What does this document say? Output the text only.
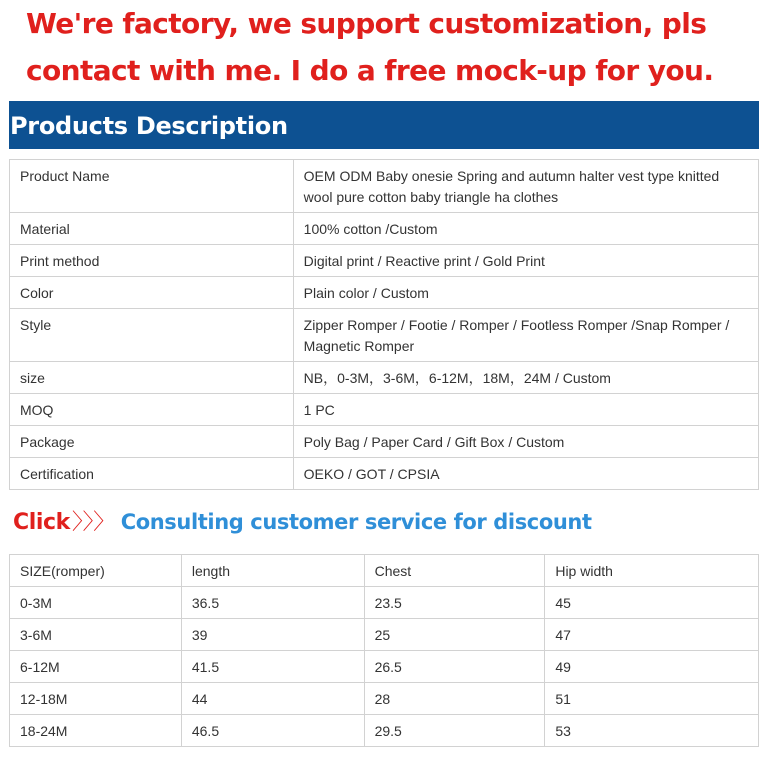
We're factory, we support customization, pls
contact with me. I do a free mock-up for you.
Products Description
Product Name	OEM ODM Baby onesie Spring and autumn halter vest type knitted wool pure cotton baby triangle ha clothes
Material	100% cotton /Custom
Print method	Digital print / Reactive print / Gold Print
Color	Plain color / Custom
Style	Zipper Romper / Footie / Romper / Footless Romper /Snap Romper / Magnetic Romper
size	NB，0-3M，3-6M，6-12M，18M，24M / Custom
MOQ	1 PC
Package	Poly Bag / Paper Card / Gift Box / Custom
Certification	OEKO / GOT / CPSIA
Click〉〉〉 Consulting customer service for discount
SIZE(romper)	length	Chest	Hip width
0-3M	36.5	23.5	45
3-6M	39	25	47
6-12M	41.5	26.5	49
12-18M	44	28	51
18-24M	46.5	29.5	53
